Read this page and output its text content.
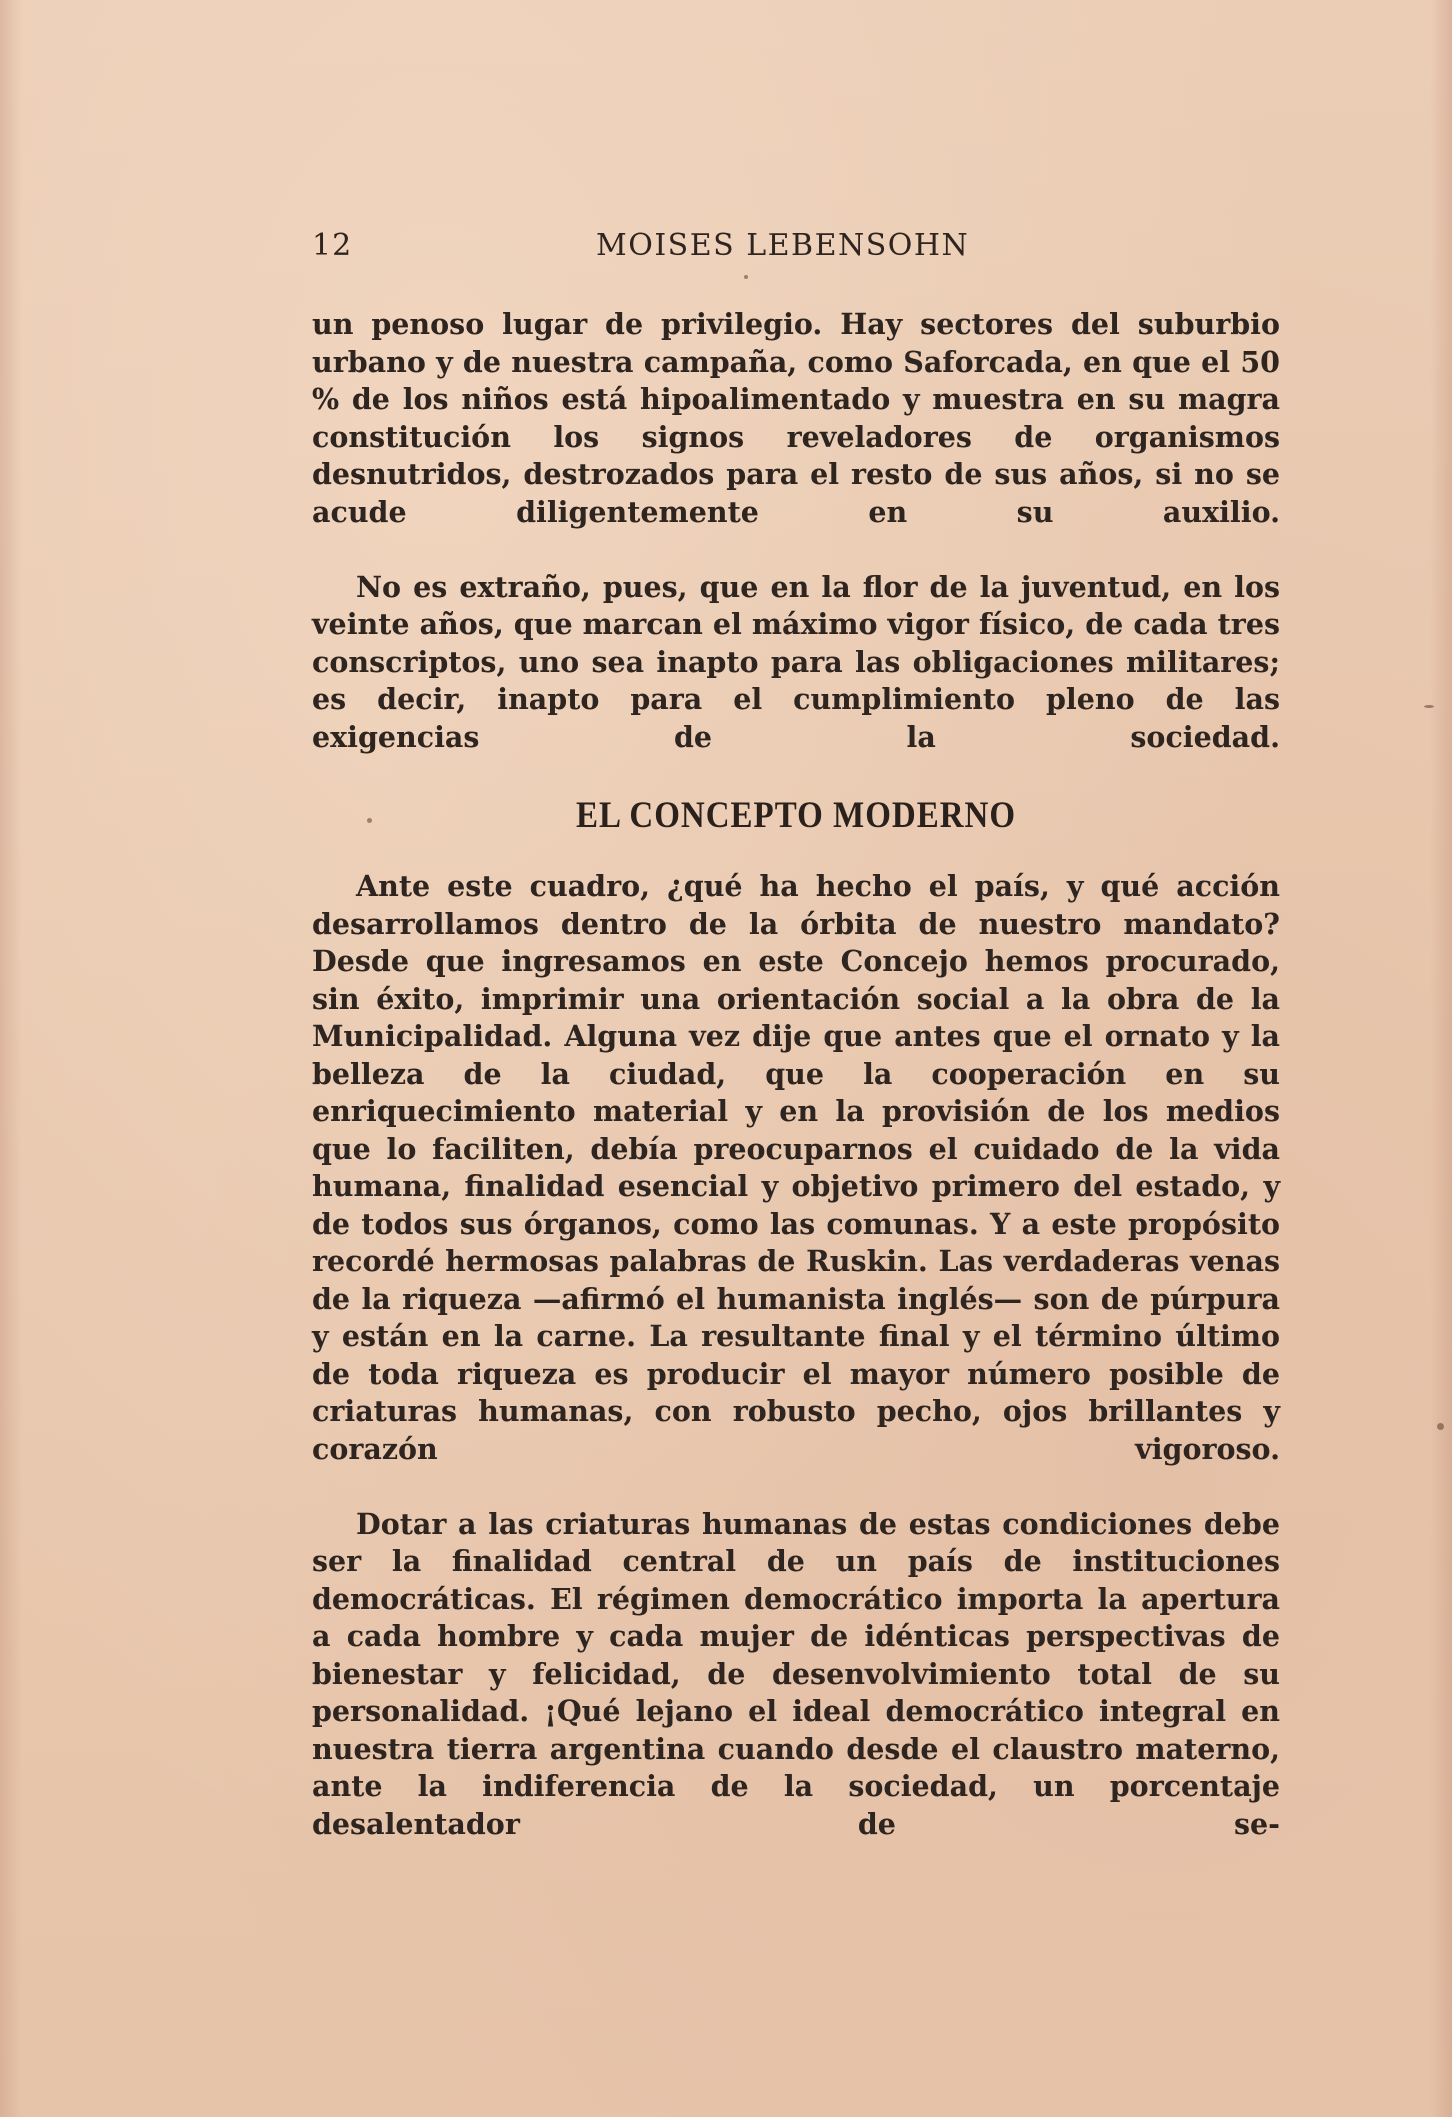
12	MOISES LEBENSOHN

un penoso lugar de privilegio. Hay sectores del suburbio urbano y de nuestra campaña, como Saforcada, en que el 50 % de los niños está hipoalimentado y muestra en su magra constitución los signos reveladores de organismos desnutridos, destrozados para el resto de sus años, si no se acude diligentemente en su auxilio.

No es extraño, pues, que en la flor de la juventud, en los veinte años, que marcan el máximo vigor físico, de cada tres conscriptos, uno sea inapto para las obligaciones militares; es decir, inapto para el cumplimiento pleno de las exigencias de la sociedad.

EL CONCEPTO MODERNO

Ante este cuadro, ¿qué ha hecho el país, y qué acción desarrollamos dentro de la órbita de nuestro mandato? Desde que ingresamos en este Concejo hemos procurado, sin éxito, imprimir una orientación social a la obra de la Municipalidad. Alguna vez dije que antes que el ornato y la belleza de la ciudad, que la cooperación en su enriquecimiento material y en la provisión de los medios que lo faciliten, debía preocuparnos el cuidado de la vida humana, finalidad esencial y objetivo primero del estado, y de todos sus órganos, como las comunas. Y a este propósito recordé hermosas palabras de Ruskin. Las verdaderas venas de la riqueza —afirmó el humanista inglés— son de púrpura y están en la carne. La resultante final y el término último de toda riqueza es producir el mayor número posible de criaturas humanas, con robusto pecho, ojos brillantes y corazón vigoroso.

Dotar a las criaturas humanas de estas condiciones debe ser la finalidad central de un país de instituciones democráticas. El régimen democrático importa la apertura a cada hombre y cada mujer de idénticas perspectivas de bienestar y felicidad, de desenvolvimiento total de su personalidad. ¡Qué lejano el ideal democrático integral en nuestra tierra argentina cuando desde el claustro materno, ante la indiferencia de la sociedad, un porcentaje desalentador de se-
